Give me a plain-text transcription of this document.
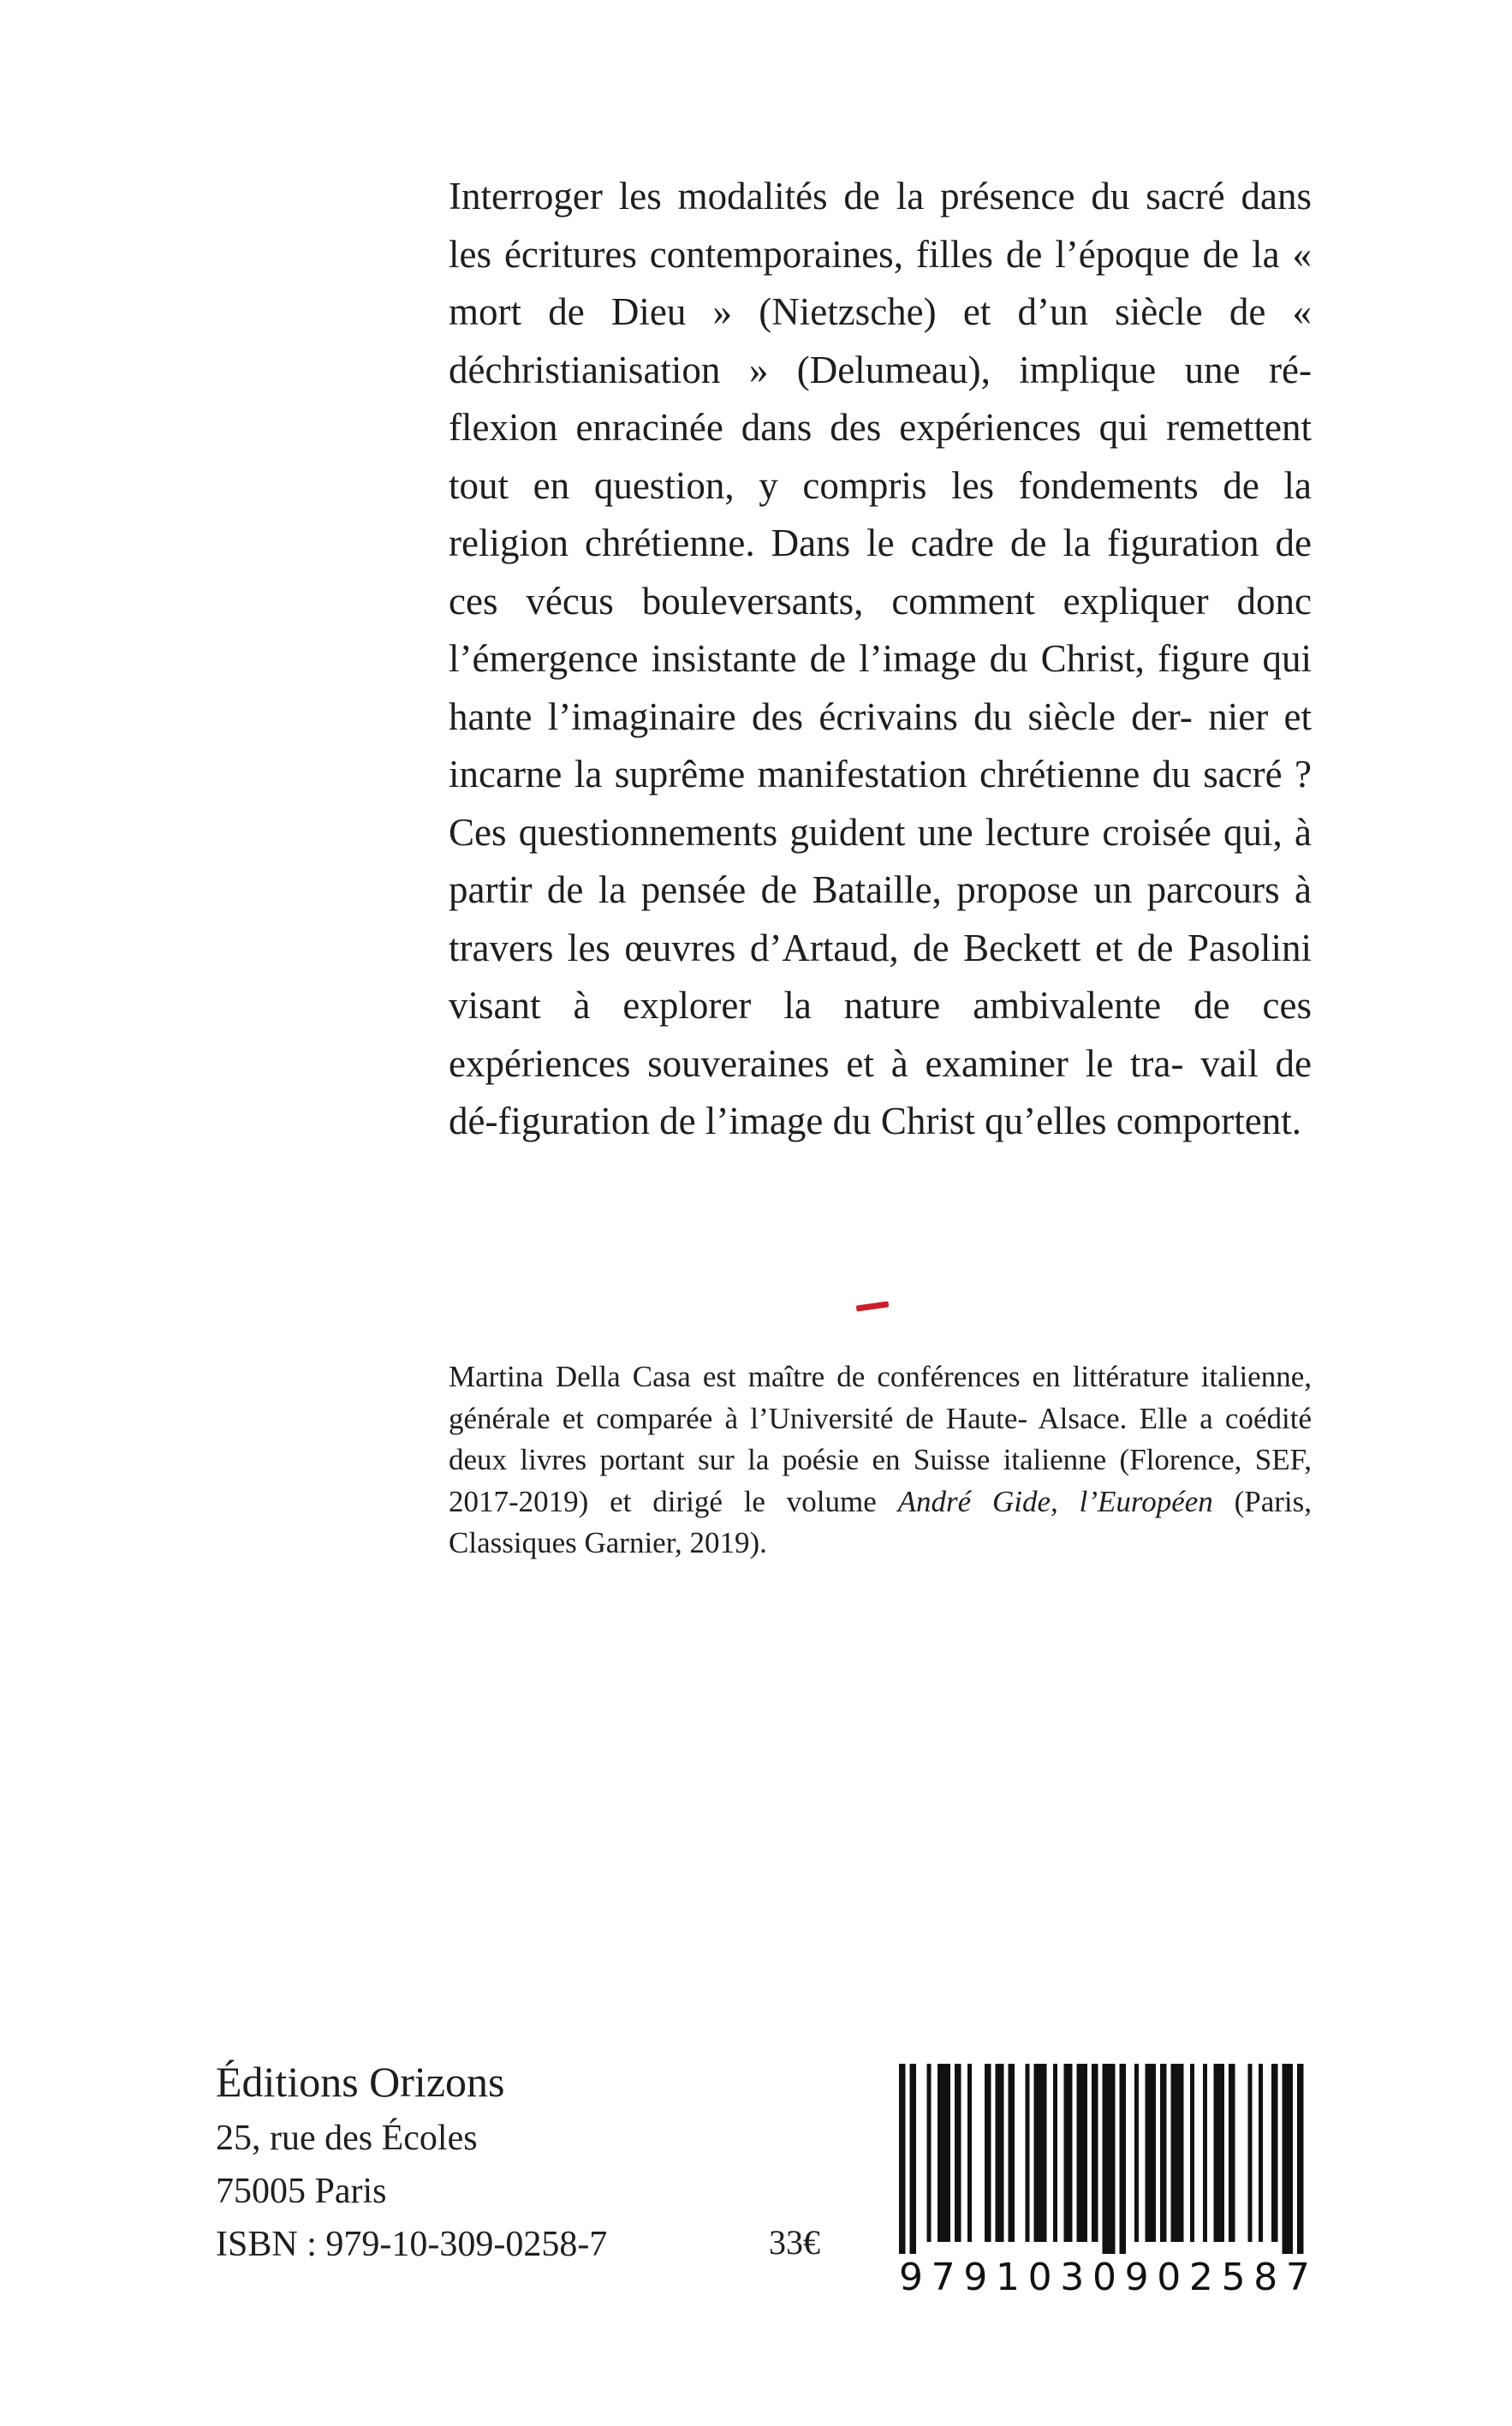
Interroger les modalités de la présence du sacré dans les écritures contemporaines, filles de l’époque de la « mort de Dieu » (Nietzsche) et d’un siècle de « déchristianisation » (Delumeau), implique une ré- flexion enracinée dans des expériences qui remettent tout en question, y compris les fondements de la religion chrétienne. Dans le cadre de la figuration de ces vécus bouleversants, comment expliquer donc l’émergence insistante de l’image du Christ, figure qui hante l’imaginaire des écrivains du siècle der- nier et incarne la suprême manifestation chrétienne du sacré ? Ces questionnements guident une lecture croisée qui, à partir de la pensée de Bataille, propose un parcours à travers les œuvres d’Artaud, de Beckett et de Pasolini visant à explorer la nature ambivalente de ces expériences souveraines et à examiner le tra- vail de dé-figuration de l’image du Christ qu’elles comportent.
Martina Della Casa est maître de conférences en littérature italienne, générale et comparée à l’Université de Haute- Alsace. Elle a coédité deux livres portant sur la poésie en Suisse italienne (Florence, SEF, 2017-2019) et dirigé le volume André Gide, l’Européen (Paris, Classiques Garnier, 2019).
Éditions Orizons
25, rue des Écoles
75005 Paris
ISBN : 979-10-309-0258-7	33€
9 7 9 1 0 3 0 9 0 2 5 8 7
